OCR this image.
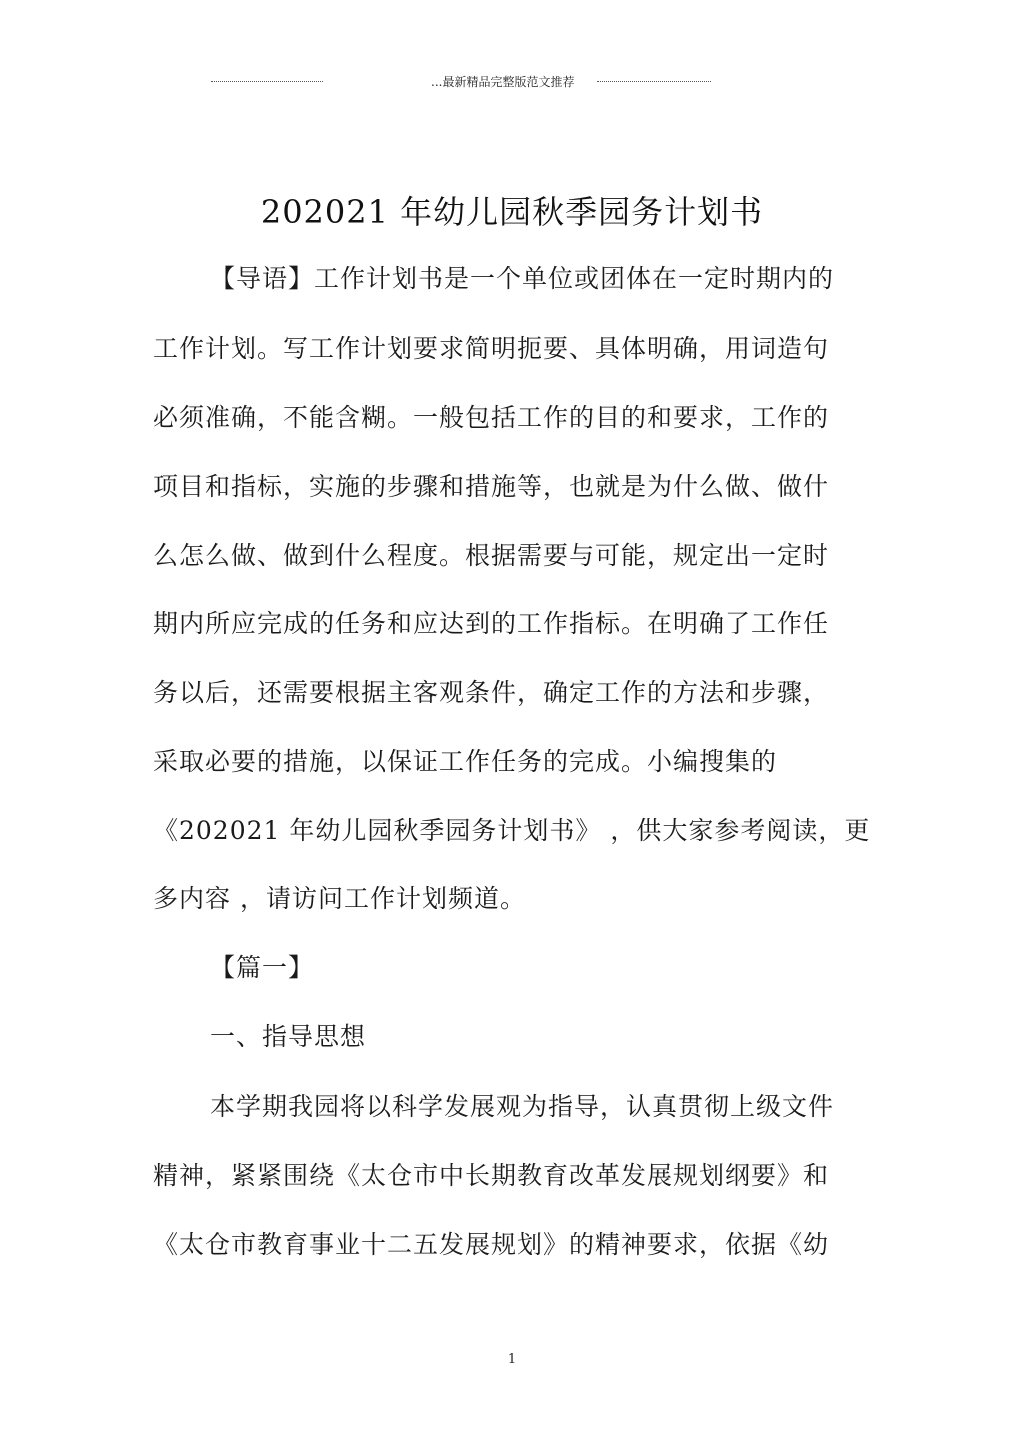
...最新精品完整版范文推荐
202021 年幼儿园秋季园务计划书
【导语】工作计划书是一个单位或团体在一定时期内的
工作计划。写工作计划要求简明扼要、具体明确，用词造句
必须准确，不能含糊。一般包括工作的目的和要求，工作的
项目和指标，实施的步骤和措施等，也就是为什么做、做什
么怎么做、做到什么程度。根据需要与可能，规定出一定时
期内所应完成的任务和应达到的工作指标。在明确了工作任
务以后，还需要根据主客观条件，确定工作的方法和步骤，
采取必要的措施，以保证工作任务的完成。小编搜集的
《202021 年幼儿园秋季园务计划书》 ，供大家参考阅读，更
多内容 ，请访问工作计划频道。
【篇一】
一、指导思想
本学期我园将以科学发展观为指导，认真贯彻上级文件
精神，紧紧围绕《太仓市中长期教育改革发展规划纲要》和
《太仓市教育事业十二五发展规划》的精神要求，依据《幼
1
